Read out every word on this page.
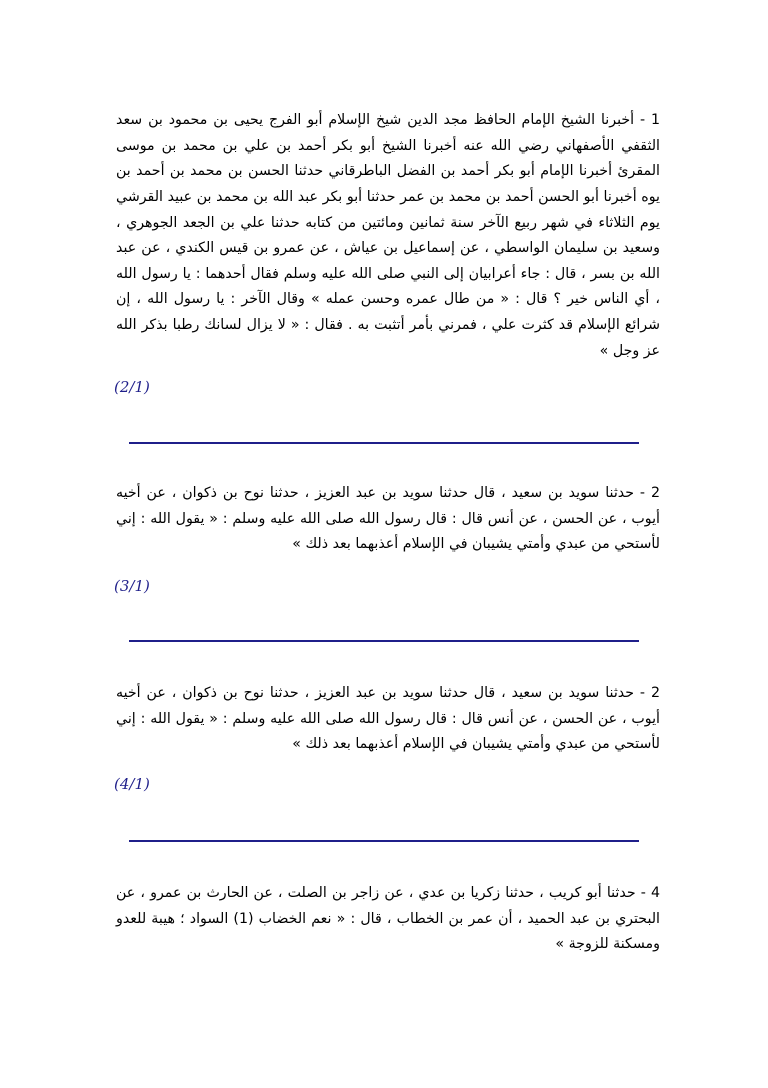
1 - أخبرنا الشيخ الإمام الحافظ مجد الدين شيخ الإسلام أبو الفرج يحيى بن محمود بن سعد الثقفي الأصفهاني رضي الله عنه أخبرنا الشيخ أبو بكر أحمد بن علي بن محمد بن موسى المقرئ أخبرنا الإمام أبو بكر أحمد بن الفضل الباطرقاني حدثنا الحسن بن محمد بن أحمد بن يوه أخبرنا أبو الحسن أحمد بن محمد بن عمر حدثنا أبو بكر عبد الله بن محمد بن عبيد القرشي يوم الثلاثاء في شهر ربيع الآخر سنة ثمانين ومائتين من كتابه حدثنا علي بن الجعد الجوهري ، وسعيد بن سليمان الواسطي ، عن إسماعيل بن عياش ، عن عمرو بن قيس الكندي ، عن عبد الله بن بسر ، قال : جاء أعرابيان إلى النبي صلى الله عليه وسلم فقال أحدهما : يا رسول الله ، أي الناس خير ؟ قال : « من طال عمره وحسن عمله » وقال الآخر : يا رسول الله ، إن شرائع الإسلام قد كثرت علي ، فمرني بأمر أتثبت به . فقال : « لا يزال لسانك رطبا بذكر الله عز وجل »

(2/1)

2 - حدثنا سويد بن سعيد ، قال حدثنا سويد بن عبد العزيز ، حدثنا نوح بن ذكوان ، عن أخيه أيوب ، عن الحسن ، عن أنس قال : قال رسول الله صلى الله عليه وسلم : « يقول الله : إني لأستحي من عبدي وأمتي يشيبان في الإسلام أعذبهما بعد ذلك »

(3/1)

2 - حدثنا سويد بن سعيد ، قال حدثنا سويد بن عبد العزيز ، حدثنا نوح بن ذكوان ، عن أخيه أيوب ، عن الحسن ، عن أنس قال : قال رسول الله صلى الله عليه وسلم : « يقول الله : إني لأستحي من عبدي وأمتي يشيبان في الإسلام أعذبهما بعد ذلك »

(4/1)

4 - حدثنا أبو كريب ، حدثنا زكريا بن عدي ، عن زاجر بن الصلت ، عن الحارث بن عمرو ، عن البحتري بن عبد الحميد ، أن عمر بن الخطاب ، قال : « نعم الخضاب (1) السواد ؛ هيبة للعدو ومسكنة للزوجة »
